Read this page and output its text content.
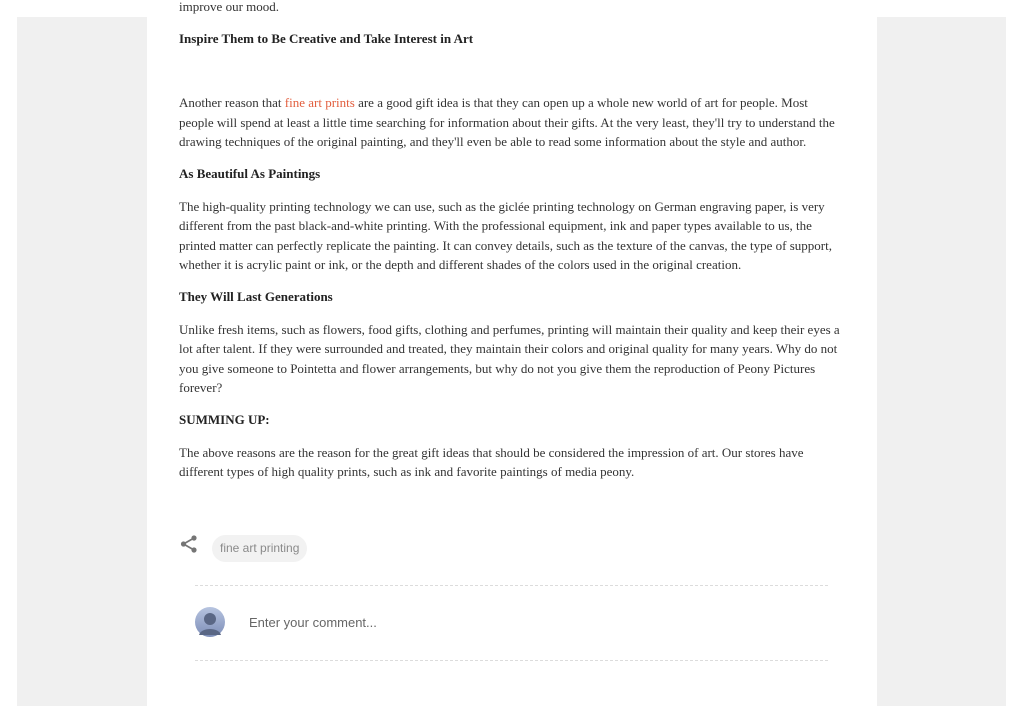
improve our mood.

Inspire Them to Be Creative and Take Interest in Art

Another reason that fine art prints are a good gift idea is that they can open up a whole new world of art for people. Most people will spend at least a little time searching for information about their gifts. At the very least, they'll try to understand the drawing techniques of the original painting, and they'll even be able to read some information about the style and author.

As Beautiful As Paintings

The high-quality printing technology we can use, such as the giclée printing technology on German engraving paper, is very different from the past black-and-white printing. With the professional equipment, ink and paper types available to us, the printed matter can perfectly replicate the painting. It can convey details, such as the texture of the canvas, the type of support, whether it is acrylic paint or ink, or the depth and different shades of the colors used in the original creation.

They Will Last Generations

Unlike fresh items, such as flowers, food gifts, clothing and perfumes, printing will maintain their quality and keep their eyes a lot after talent. If they were surrounded and treated, they maintain their colors and original quality for many years. Why do not you give someone to Pointetta and flower arrangements, but why do not you give them the reproduction of Peony Pictures forever?

SUMMING UP:

The above reasons are the reason for the great gift ideas that should be considered the impression of art. Our stores have different types of high quality prints, such as ink and favorite paintings of media peony.

fine art printing
Enter your comment...
